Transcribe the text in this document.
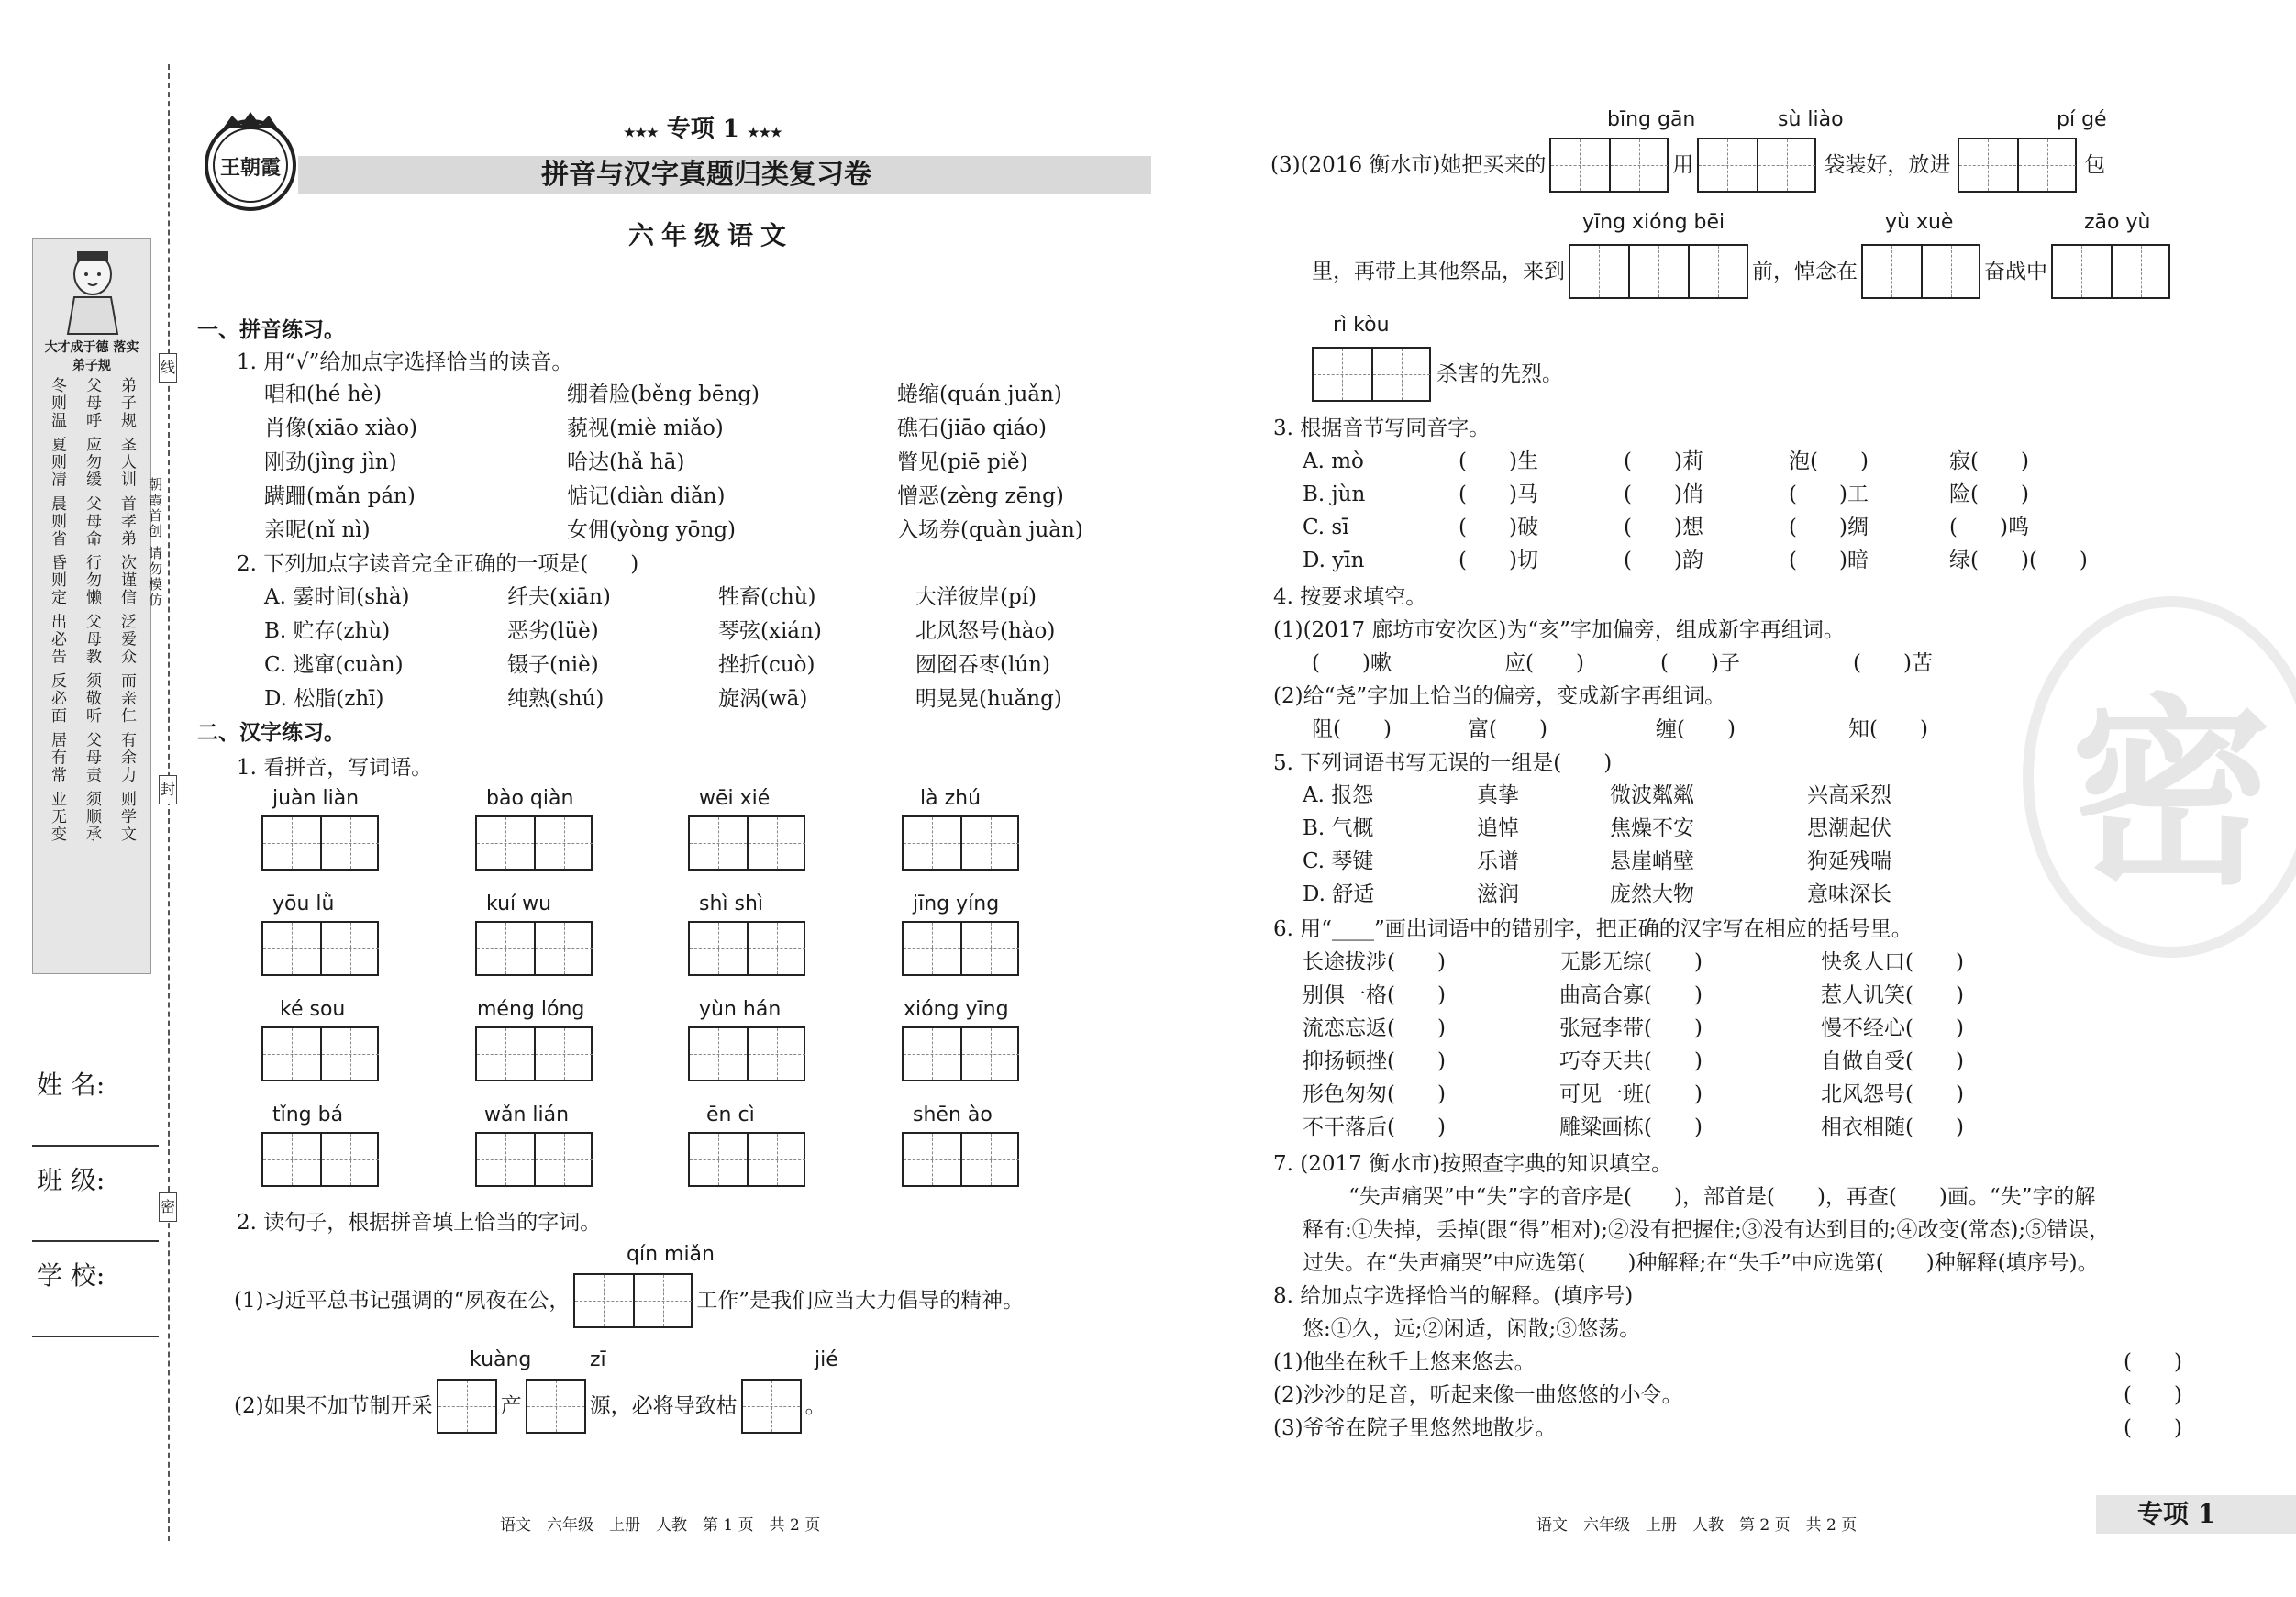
大才成于德 落实弟子规
弟子规 圣人训 首孝弟 次谨信 泛爱众 而亲仁 有余力 则学文
父母呼 应勿缓 父母命 行勿懒 父母教 须敬听 父母责 须顺承
冬则温 夏则凊 晨则省 昏则定 出必告 反必面 居有常 业无变	朝霞首创 请勿模仿
线
封
密
姓 名:
班 级:
学 校:
王朝霞
★★★ 专项 1 ★★★
拼音与汉字真题归类复习卷
六年级语文
一、拼音练习。
1. 用“√”给加点字选择恰当的读音。
唱和(hé hè)	绷着脸(běng bēng)	蜷缩(quán juǎn)
肖像(xiāo xiào)	藐视(miè miǎo)	礁石(jiāo qiáo)
刚劲(jìng jìn)	哈达(hǎ hā)	瞥见(piē piě)
蹒跚(mǎn pán)	惦记(diàn diǎn)	憎恶(zèng zēng)
亲昵(nǐ nì)	女佣(yòng yōng)	入场券(quàn juàn)
2. 下列加点字读音完全正确的一项是(　　)
A. 霎时间(shà)	纤夫(xiān)	牲畜(chù)	大洋彼岸(pí)
B. 贮存(zhù)	恶劣(lüè)	琴弦(xián)	北风怒号(hào)
C. 逃窜(cuàn)	镊子(niè)	挫折(cuò)	囫囵吞枣(lún)
D. 松脂(zhī)	纯熟(shú)	旋涡(wā)	明晃晃(huǎng)
二、汉字练习。
1. 看拼音，写词语。
juàn liàn	bào qiàn	wēi xié	là zhú
yōu lǜ	kuí wu	shì shì	jīng yíng
ké sou	méng lóng	yùn hán	xióng yīng
tǐng bá	wǎn lián	ēn cì	shēn ào
2. 读句子，根据拼音填上恰当的字词。
qín miǎn
(1)习近平总书记强调的“夙夜在公，	工作”是我们应当大力倡导的精神。
kuàng	zī	jié
(2)如果不加节制开采	产	源，必将导致枯	。
bīng gān	sù liào	pí gé
(3)(2016 衡水市)她把买来的	用	袋装好，放进	包
yīng xióng bēi	yù xuè	zāo yù
里，再带上其他祭品，来到	前，悼念在	奋战中
rì kòu
杀害的先烈。
3. 根据音节写同音字。
A. mò	(　　)生	(　　)莉	泡(　　)	寂(　　)
B. jùn	(　　)马	(　　)俏	(　　)工	险(　　)
C. sī	(　　)破	(　　)想	(　　)绸	(　　)鸣
D. yīn	(　　)切	(　　)韵	(　　)暗	绿(　　)(　　)
4. 按要求填空。
(1)(2017 廊坊市安次区)为“亥”字加偏旁，组成新字再组词。
(　　)嗽	应(　　)	(　　)子	(　　)苦
(2)给“尧”字加上恰当的偏旁，变成新字再组词。
阻(　　)	富(　　)	缠(　　)	知(　　)
5. 下列词语书写无误的一组是(　　)
A. 报怨	真挚	微波粼粼	兴高采烈
B. 气概	追悼	焦燥不安	思潮起伏
C. 琴键	乐谱	悬崖峭壁	狗延残喘
D. 舒适	滋润	庞然大物	意味深长
6. 用“____”画出词语中的错别字，把正确的汉字写在相应的括号里。
长途拔涉(　　)	无影无综(　　)	快炙人口(　　)
别俱一格(　　)	曲高合寡(　　)	惹人讥笑(　　)
流恋忘返(　　)	张冠李带(　　)	慢不经心(　　)
抑扬顿挫(　　)	巧夺天共(　　)	自做自受(　　)
形色匆匆(　　)	可见一班(　　)	北风怨号(　　)
不干落后(　　)	雕粱画栋(　　)	相衣相随(　　)
7. (2017 衡水市)按照查字典的知识填空。
“失声痛哭”中“失”字的音序是(　　)，部首是(　　)，再查(　　)画。“失”字的解
释有:①失掉，丢掉(跟“得”相对);②没有把握住;③没有达到目的;④改变(常态);⑤错误，
过失。在“失声痛哭”中应选第(　　)种解释;在“失手”中应选第(　　)种解释(填序号)。
8. 给加点字选择恰当的解释。(填序号)
悠:①久，远;②闲适，闲散;③悠荡。
(1)他坐在秋千上悠来悠去。	(　　)
(2)沙沙的足音，听起来像一曲悠悠的小令。	(　　)
(3)爷爷在院子里悠然地散步。	(　　)
密
语文　六年级　上册　人教　第 1 页　共 2 页	语文　六年级　上册　人教　第 2 页　共 2 页	专项 1
